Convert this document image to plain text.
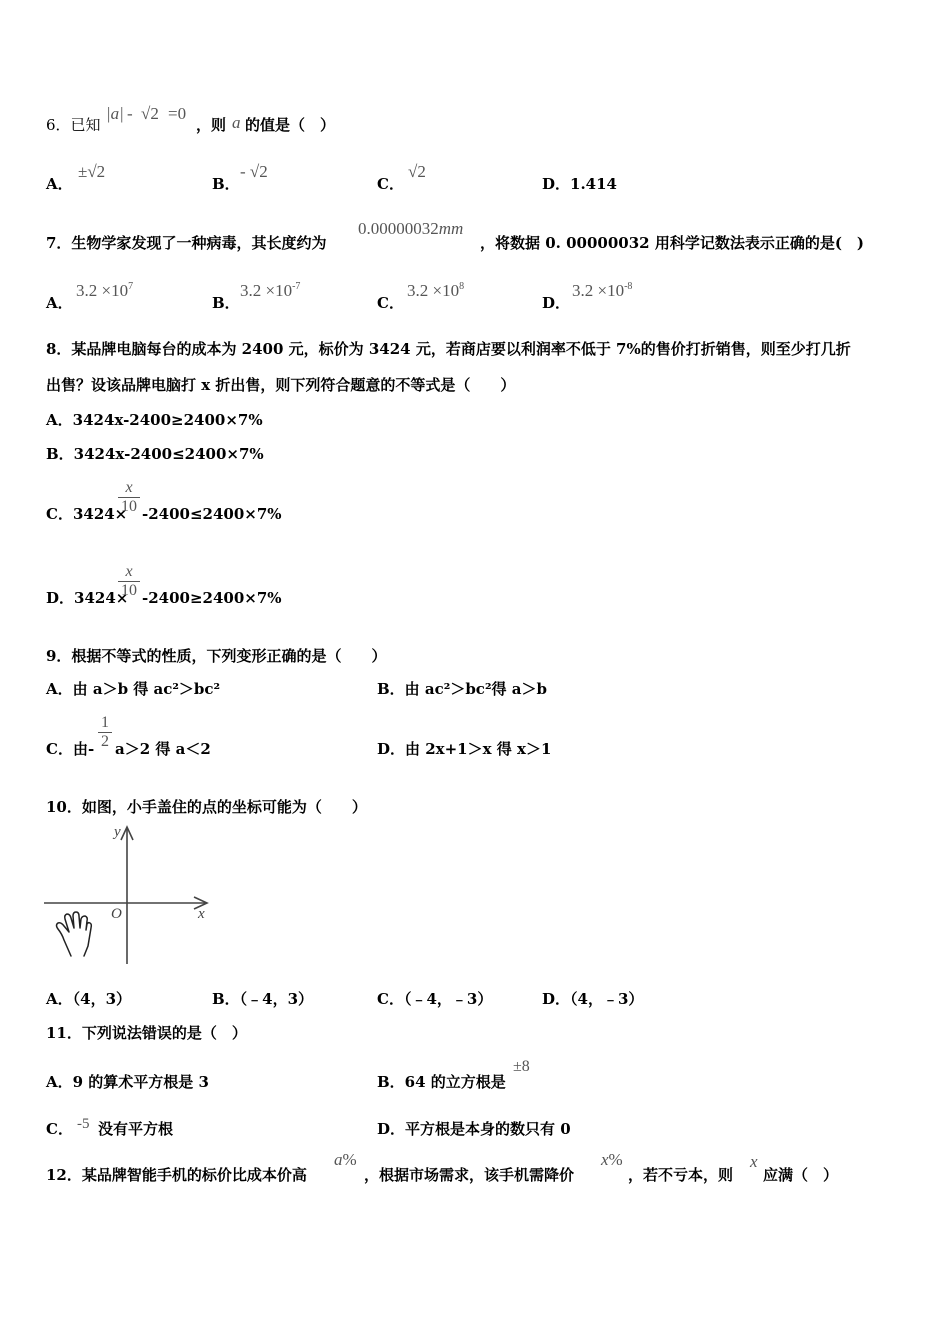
6．已知
|a| - √2 =0
，则 a 的值是（　）
A．
±√2
B．
- √2
C．
√2
D．1.414
7．生物学家发现了一种病毒，其长度约为
0.00000032mm
，将数据 0. 00000032 用科学记数法表示正确的是(　)
A．
$3.2 \times 10^7$
B．
$3.2 \times 10^{-7}$
C．
$3.2 \times 10^8$
D．
$3.2 \times 10^{-8}$
8．某品牌电脑每台的成本为 2400 元，标价为 3424 元，若商店要以利润率不低于 7%的售价打折销售，则至少打几折
出售？设该品牌电脑打 x 折出售，则下列符合题意的不等式是（　　）
A．3424x-2400≥2400×7%
B．3424x-2400≤2400×7%
C．3424×
x
10 -2400≤2400×7%
D．3424×
x
10 -2400≥2400×7%
9．根据不等式的性质，下列变形正确的是（　　）
A．由 a＞b 得 ac²＞bc²	B．由 ac²＞bc²得 a＞b
C．由-
1
2 a＞2 得 a＜2	D．由 2x+1＞x 得 x＞1
10．如图，小手盖住的点的坐标可能为（　　）
x
y
O
A．（4，3）	B．（﹣4，3）	C．（﹣4，﹣3）	D．（4，﹣3）
11．下列说法错误的是（　）
A．9 的算术平方根是 3	B．64 的立方根是
±8
C． -5 没有平方根	D．平方根是本身的数只有 0
12．某品牌智能手机的标价比成本价高
a%
，根据市场需求，该手机需降价
x%
，若不亏本，则
x
应满（　）
